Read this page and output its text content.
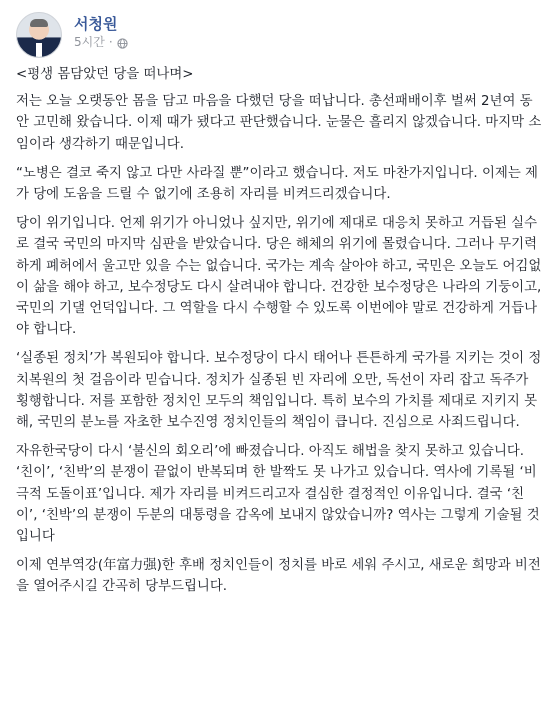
서청원
5시간 ·

<평생 몸담았던 당을 떠나며>

저는 오늘 오랫동안 몸을 담고 마음을 다했던 당을 떠납니다. 총선패배이후 벌써 2년여 동안 고민해 왔습니다. 이제 때가 됐다고 판단했습니다. 눈물은 흘리지 않겠습니다. 마지막 소임이라 생각하기 때문입니다.

“노병은 결코 죽지 않고 다만 사라질 뿐”이라고 했습니다. 저도 마찬가지입니다. 이제는 제가 당에 도움을 드릴 수 없기에 조용히 자리를 비켜드리겠습니다.

당이 위기입니다. 언제 위기가 아니었나 싶지만, 위기에 제대로 대응치 못하고 거듭된 실수로 결국 국민의 마지막 심판을 받았습니다. 당은 해체의 위기에 몰렸습니다. 그러나 무기력하게 폐허에서 울고만 있을 수는 없습니다. 국가는 계속 살아야 하고, 국민은 오늘도 어김없이 삶을 해야 하고, 보수정당도 다시 살려내야 합니다. 건강한 보수정당은 나라의 기둥이고, 국민의 기댈 언덕입니다. 그 역할을 다시 수행할 수 있도록 이번에야 말로 건강하게 거듭나야 합니다.

‘실종된 정치’가 복원되야 합니다. 보수정당이 다시 태어나 튼튼하게 국가를 지키는 것이 정치복원의 첫 걸음이라 믿습니다. 정치가 실종된 빈 자리에 오만, 독선이 자리 잡고 독주가 횡행합니다. 저를 포함한 정치인 모두의 책임입니다. 특히 보수의 가치를 제대로 지키지 못해, 국민의 분노를 자초한 보수진영 정치인들의 책임이 큽니다. 진심으로 사죄드립니다.

자유한국당이 다시 ‘불신의 회오리’에 빠졌습니다. 아직도 해법을 찾지 못하고 있습니다. ‘친이’, ‘친박’의 분쟁이 끝없이 반복되며 한 발짝도 못 나가고 있습니다. 역사에 기록될 ‘비극적 도돌이표’입니다. 제가 자리를 비켜드리고자 결심한 결정적인 이유입니다. 결국 ‘친이’, ‘친박’의 분쟁이 두분의 대통령을 감옥에 보내지 않았습니까? 역사는 그렇게 기술될 것입니다

이제 연부역강(年富力强)한 후배 정치인들이 정치를 바로 세워 주시고, 새로운 희망과 비전을 열어주시길 간곡히 당부드립니다.
